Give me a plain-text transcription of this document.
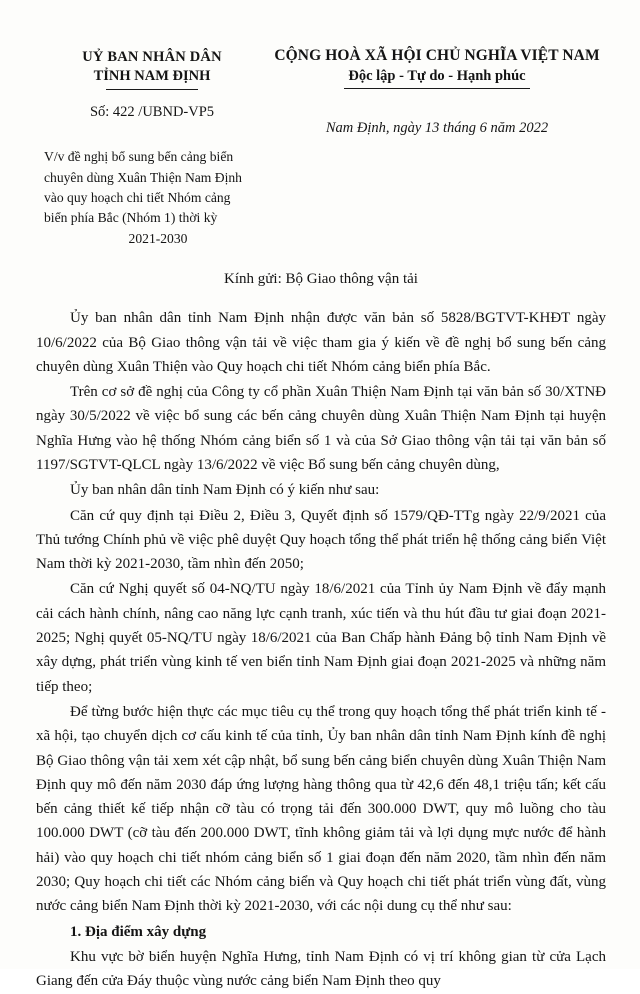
UỶ BAN NHÂN DÂN
TỈNH NAM ĐỊNH
CỘNG HOÀ XÃ HỘI CHỦ NGHĨA VIỆT NAM
Độc lập - Tự do - Hạnh phúc
Số: 422 /UBND-VP5
Nam Định, ngày 13 tháng 6 năm 2022
V/v đề nghị bổ sung bến cảng biển
chuyên dùng Xuân Thiện Nam Định
vào quy hoạch chi tiết Nhóm cảng
biển phía Bắc (Nhóm 1) thời kỳ
2021-2030
Kính gửi: Bộ Giao thông vận tải

Ủy ban nhân dân tỉnh Nam Định nhận được văn bản số 5828/BGTVT-KHĐT ngày 10/6/2022 của Bộ Giao thông vận tải về việc tham gia ý kiến về đề nghị bổ sung bến cảng chuyên dùng Xuân Thiện vào Quy hoạch chi tiết Nhóm cảng biển phía Bắc.

Trên cơ sở đề nghị của Công ty cổ phần Xuân Thiện Nam Định tại văn bản số 30/XTNĐ ngày 30/5/2022 về việc bổ sung các bến cảng chuyên dùng Xuân Thiện Nam Định tại huyện Nghĩa Hưng vào hệ thống Nhóm cảng biển số 1 và của Sở Giao thông vận tải tại văn bản số 1197/SGTVT-QLCL ngày 13/6/2022 về việc Bổ sung bến cảng chuyên dùng,

Ủy ban nhân dân tỉnh Nam Định có ý kiến như sau:

Căn cứ quy định tại Điều 2, Điều 3, Quyết định số 1579/QĐ-TTg ngày 22/9/2021 của Thủ tướng Chính phủ về việc phê duyệt Quy hoạch tổng thể phát triển hệ thống cảng biển Việt Nam thời kỳ 2021-2030, tầm nhìn đến 2050;

Căn cứ Nghị quyết số 04-NQ/TU ngày 18/6/2021 của Tỉnh ủy Nam Định về đẩy mạnh cải cách hành chính, nâng cao năng lực cạnh tranh, xúc tiến và thu hút đầu tư giai đoạn 2021-2025; Nghị quyết 05-NQ/TU ngày 18/6/2021 của Ban Chấp hành Đảng bộ tỉnh Nam Định về xây dựng, phát triển vùng kinh tế ven biển tỉnh Nam Định giai đoạn 2021-2025 và những năm tiếp theo;

Để từng bước hiện thực các mục tiêu cụ thể trong quy hoạch tổng thể phát triển kinh tế - xã hội, tạo chuyển dịch cơ cấu kinh tế của tỉnh, Ủy ban nhân dân tỉnh Nam Định kính đề nghị Bộ Giao thông vận tải xem xét cập nhật, bổ sung bến cảng biển chuyên dùng Xuân Thiện Nam Định quy mô đến năm 2030 đáp ứng lượng hàng thông qua từ 42,6 đến 48,1 triệu tấn; kết cấu bến cảng thiết kế tiếp nhận cỡ tàu có trọng tải đến 300.000 DWT, quy mô luồng cho tàu 100.000 DWT (cỡ tàu đến 200.000 DWT, tĩnh không giảm tải và lợi dụng mực nước để hành hải) vào quy hoạch chi tiết nhóm cảng biển số 1 giai đoạn đến năm 2020, tầm nhìn đến năm 2030; Quy hoạch chi tiết các Nhóm cảng biển và Quy hoạch chi tiết phát triển vùng đất, vùng nước cảng biển Nam Định thời kỳ 2021-2030, với các nội dung cụ thể như sau:

1. Địa điểm xây dựng

Khu vực bờ biển huyện Nghĩa Hưng, tỉnh Nam Định có vị trí không gian từ cửa Lạch Giang đến cửa Đáy thuộc vùng nước cảng biển Nam Định theo quy
